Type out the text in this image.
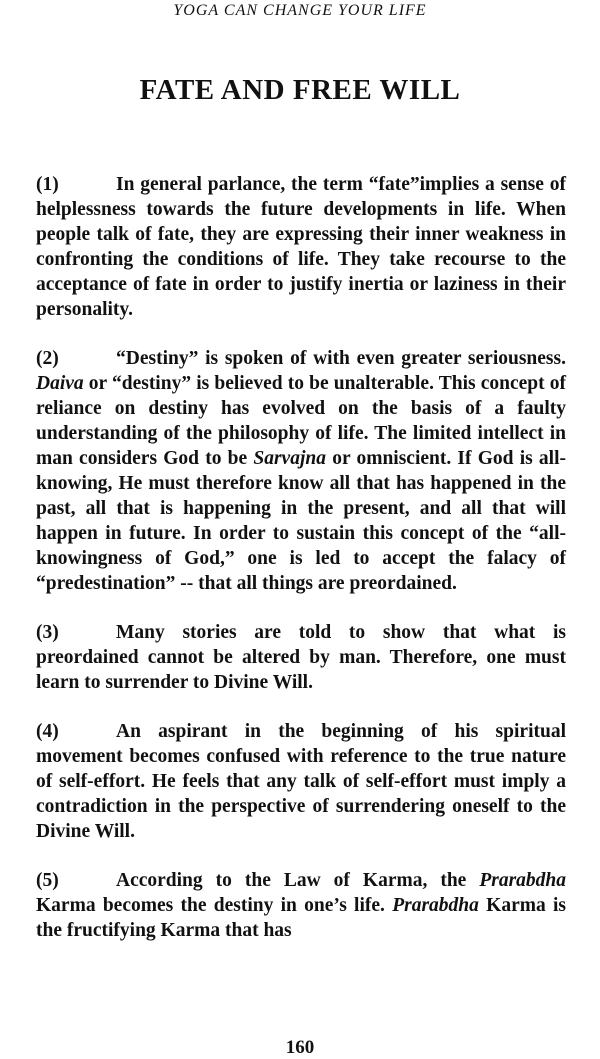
YOGA CAN CHANGE YOUR LIFE
FATE AND FREE WILL

(1)	In general parlance, the term “fate”implies a sense of helplessness towards the future developments in life. When people talk of fate, they are expressing their inner weakness in confronting the conditions of life. They take recourse to the acceptance of fate in order to justify inertia or laziness in their personality.

(2)	“Destiny” is spoken of with even greater seriousness. Daiva or “destiny” is believed to be unalterable. This concept of reliance on destiny has evolved on the basis of a faulty understanding of the philosophy of life. The limited intellect in man considers God to be Sarvajna or omniscient. If God is all-knowing, He must therefore know all that has happened in the past, all that is happening in the present, and all that will happen in future. In order to sustain this concept of the “all-knowingness of God,” one is led to accept the falacy of “predestination” -- that all things are preordained.

(3)	Many stories are told to show that what is preordained cannot be altered by man. Therefore, one must learn to surrender to Divine Will.

(4)	An aspirant in the beginning of his spiritual movement becomes confused with reference to the true nature of self-effort. He feels that any talk of self-effort must imply a contradiction in the perspective of surrendering oneself to the Divine Will.

(5)	According to the Law of Karma, the Prarabdha Karma becomes the destiny in one’s life. Prarabdha Karma is the fructifying Karma that has

160
